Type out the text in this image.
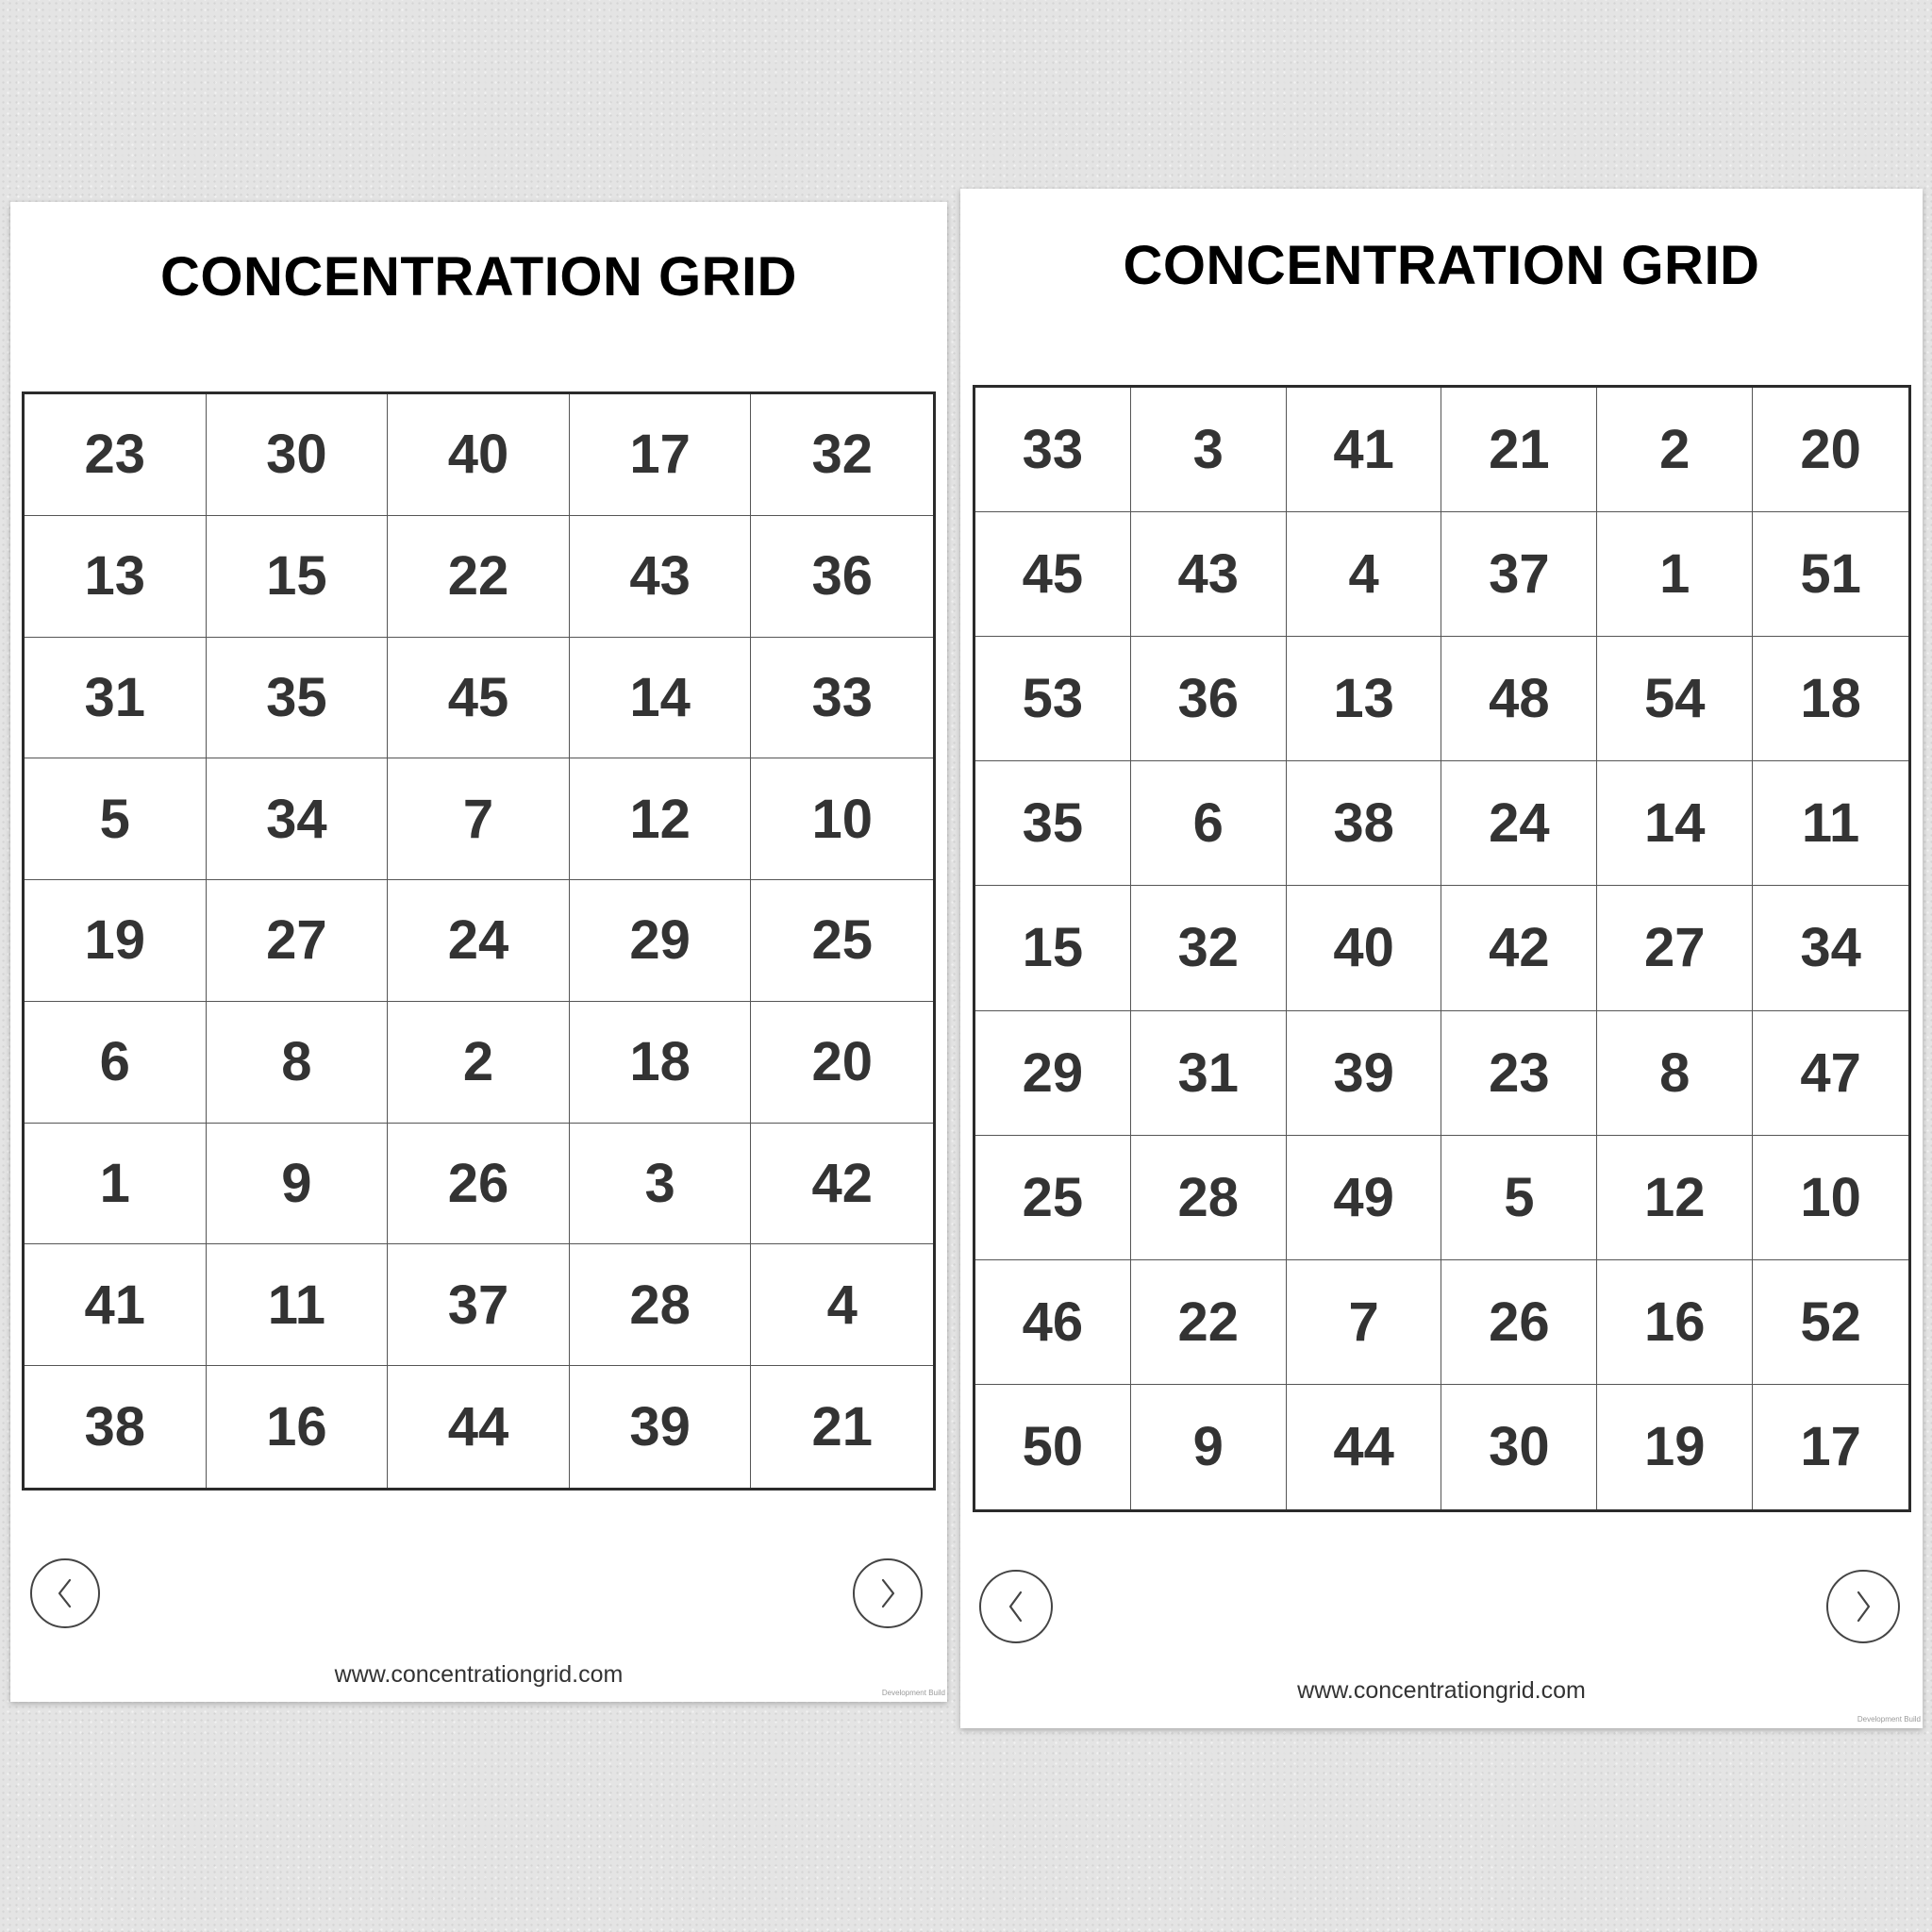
CONCENTRATION GRID
23	30	40	17	32
13	15	22	43	36
31	35	45	14	33
5	34	7	12	10
19	27	24	29	25
6	8	2	18	20
1	9	26	3	42
41	11	37	28	4
38	16	44	39	21
www.concentrationgrid.com
Development Build
CONCENTRATION GRID
33	3	41	21	2	20
45	43	4	37	1	51
53	36	13	48	54	18
35	6	38	24	14	11
15	32	40	42	27	34
29	31	39	23	8	47
25	28	49	5	12	10
46	22	7	26	16	52
50	9	44	30	19	17
www.concentrationgrid.com
Development Build
